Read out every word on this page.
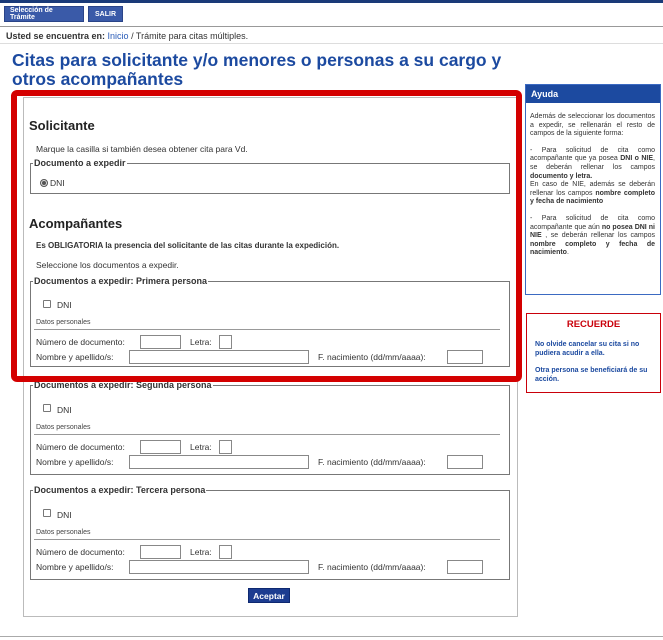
Selección de Trámite	SALIR
Usted se encuentra en: Inicio / Trámite para citas múltiples.
Citas para solicitante y/o menores o personas a su cargo y otros acompañantes
Solicitante
Marque la casilla si también desea obtener cita para Vd.
Documento a expedir
DNI
Acompañantes
Es OBLIGATORIA la presencia del solicitante de las citas durante la expedición.
Seleccione los documentos a expedir.
Documentos a expedir: Primera persona
DNI
Datos personales
Número de documento:	Letra:
Nombre y apellido/s:	F. nacimiento (dd/mm/aaaa):
Documentos a expedir: Segunda persona
DNI
Datos personales
Número de documento:	Letra:
Nombre y apellido/s:	F. nacimiento (dd/mm/aaaa):
Documentos a expedir: Tercera persona
DNI
Datos personales
Número de documento:	Letra:
Nombre y apellido/s:	F. nacimiento (dd/mm/aaaa):
Aceptar
Ayuda

Además de seleccionar los documentos a expedir, se rellenarán el resto de campos de la siguiente forma:

- Para solicitud de cita como acompañante que ya posea DNI o NIE, se deberán rellenar los campos documento y letra.

En caso de NIE, además se deberán rellenar los campos nombre completo y fecha de nacimiento

- Para solicitud de cita como acompañante que aún no posea DNI ni NIE , se deberán rellenar los campos nombre completo y fecha de nacimiento.

RECUERDE
No olvide cancelar su cita si no pudiera acudir a ella.
Otra persona se beneficiará de su acción.
